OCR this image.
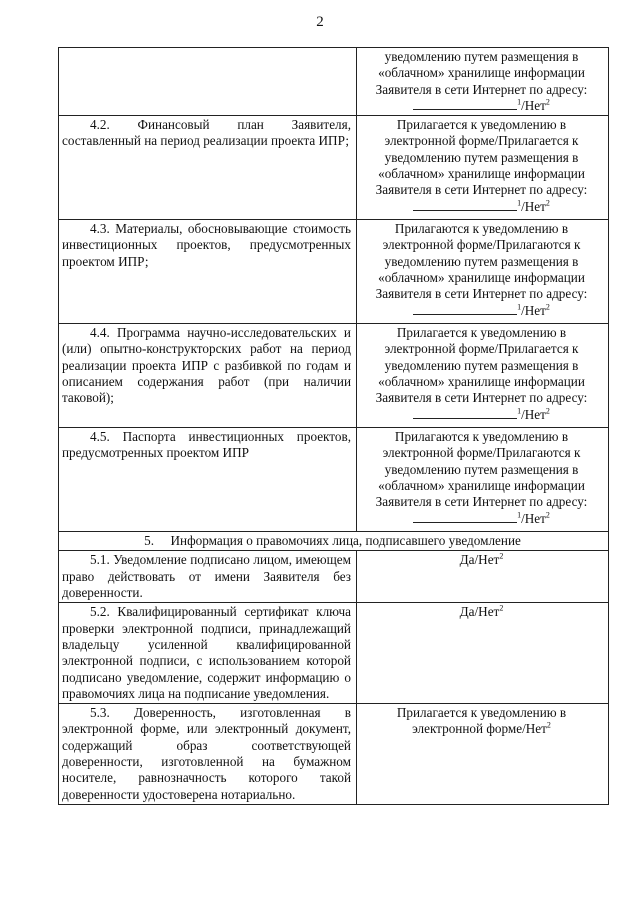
2
	уведомлению путем размещения в «облачном» хранилище информации Заявителя в сети Интернет по адресу:$^1$/Нет$^2$
4.2. Финансовый план Заявителя, составленный на период реализации проекта ИПР;	Прилагается к уведомлению в электронной форме/Прилагается к уведомлению путем размещения в «облачном» хранилище информации Заявителя в сети Интернет по адресу:$^1$/Нет$^2$
4.3. Материалы, обосновывающие стоимость инвестиционных проектов, предусмотренных проектом ИПР;	Прилагаются к уведомлению в электронной форме/Прилагаются к уведомлению путем размещения в «облачном» хранилище информации Заявителя в сети Интернет по адресу:$^1$/Нет$^2$
4.4. Программа научно-исследовательских и (или) опытно-конструкторских работ на период реализации проекта ИПР с разбивкой по годам и описанием содержания работ (при наличии таковой);	Прилагается к уведомлению в электронной форме/Прилагается к уведомлению путем размещения в «облачном» хранилище информации Заявителя в сети Интернет по адресу:$^1$/Нет$^2$
4.5. Паспорта инвестиционных проектов, предусмотренных проектом ИПР	Прилагаются к уведомлению в электронной форме/Прилагаются к уведомлению путем размещения в «облачном» хранилище информации Заявителя в сети Интернет по адресу:$^1$/Нет$^2$
5.     Информация о правомочиях лица, подписавшего уведомление	
5.1. Уведомление подписано лицом, имеющем право действовать от имени Заявителя без доверенности.	Да/Нет$^2$
5.2. Квалифицированный сертификат ключа проверки электронной подписи, принадлежащий владельцу усиленной квалифицированной электронной подписи, с использованием которой подписано уведомление, содержит информацию о правомочиях лица на подписание уведомления.	Да/Нет$^2$
5.3. Доверенность, изготовленная в электронной форме, или электронный документ, содержащий образ соответствующей доверенности, изготовленной на бумажном носителе, равнозначность которого такой доверенности удостоверена нотариально.	Прилагается к уведомлению в электронной форме/Нет$^2$
